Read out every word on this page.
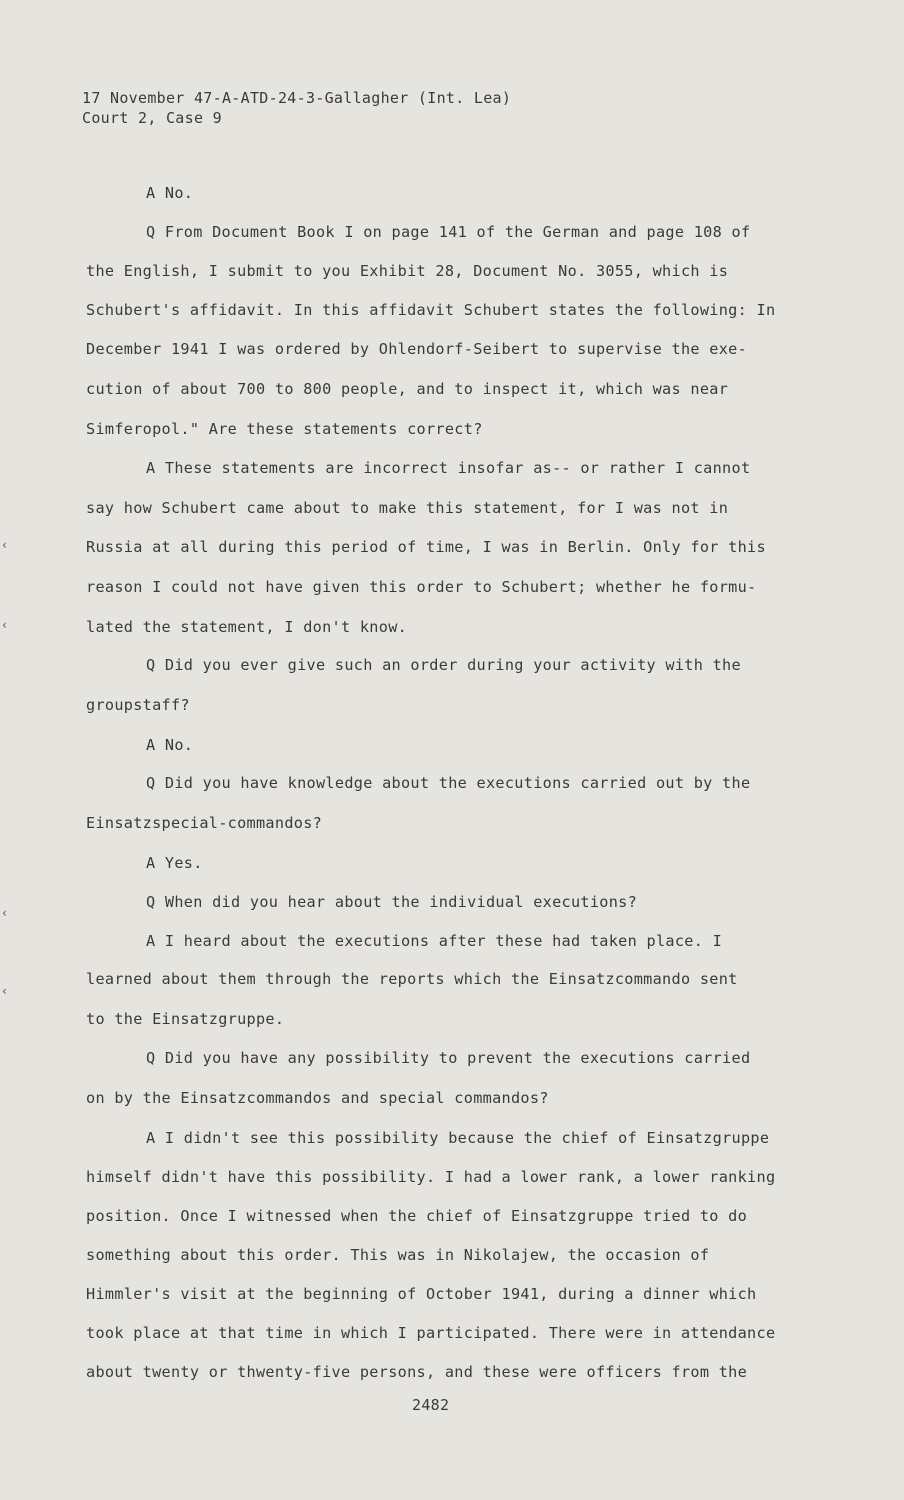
17 November 47-A-ATD-24-3-Gallagher (Int. Lea)
Court 2, Case 9
A No.
Q From Document Book I on page 141 of the German and page 108 of
the English, I submit to you Exhibit 28, Document No. 3055, which is
Schubert's affidavit. In this affidavit Schubert states the following: In
December 1941 I was ordered by Ohlendorf-Seibert to supervise the exe-
cution of about 700 to 800 people, and to inspect it, which was near
Simferopol." Are these statements correct?
A These statements are incorrect insofar as-- or rather I cannot
say how Schubert came about to make this statement, for I was not in
Russia at all during this period of time, I was in Berlin. Only for this
reason I could not have given this order to Schubert; whether he formu-
lated the statement, I don't know.
Q Did you ever give such an order during your activity with the
groupstaff?
A No.
Q Did you have knowledge about the executions carried out by the
Einsatzspecial-commandos?
A Yes.
Q When did you hear about the individual executions?
A I heard about the executions after these had taken place. I
learned about them through the reports which the Einsatzcommando sent
to the Einsatzgruppe.
Q Did you have any possibility to prevent the executions carried
on by the Einsatzcommandos and special commandos?
A I didn't see this possibility because the chief of Einsatzgruppe
himself didn't have this possibility. I had a lower rank, a lower ranking
position. Once I witnessed when the chief of Einsatzgruppe tried to do
something about this order. This was in Nikolajew, the occasion of
Himmler's visit at the beginning of October 1941, during a dinner which
took place at that time in which I participated. There were in attendance
about twenty or thwenty-five persons, and these were officers from the
2482
‹
‹
‹
‹
